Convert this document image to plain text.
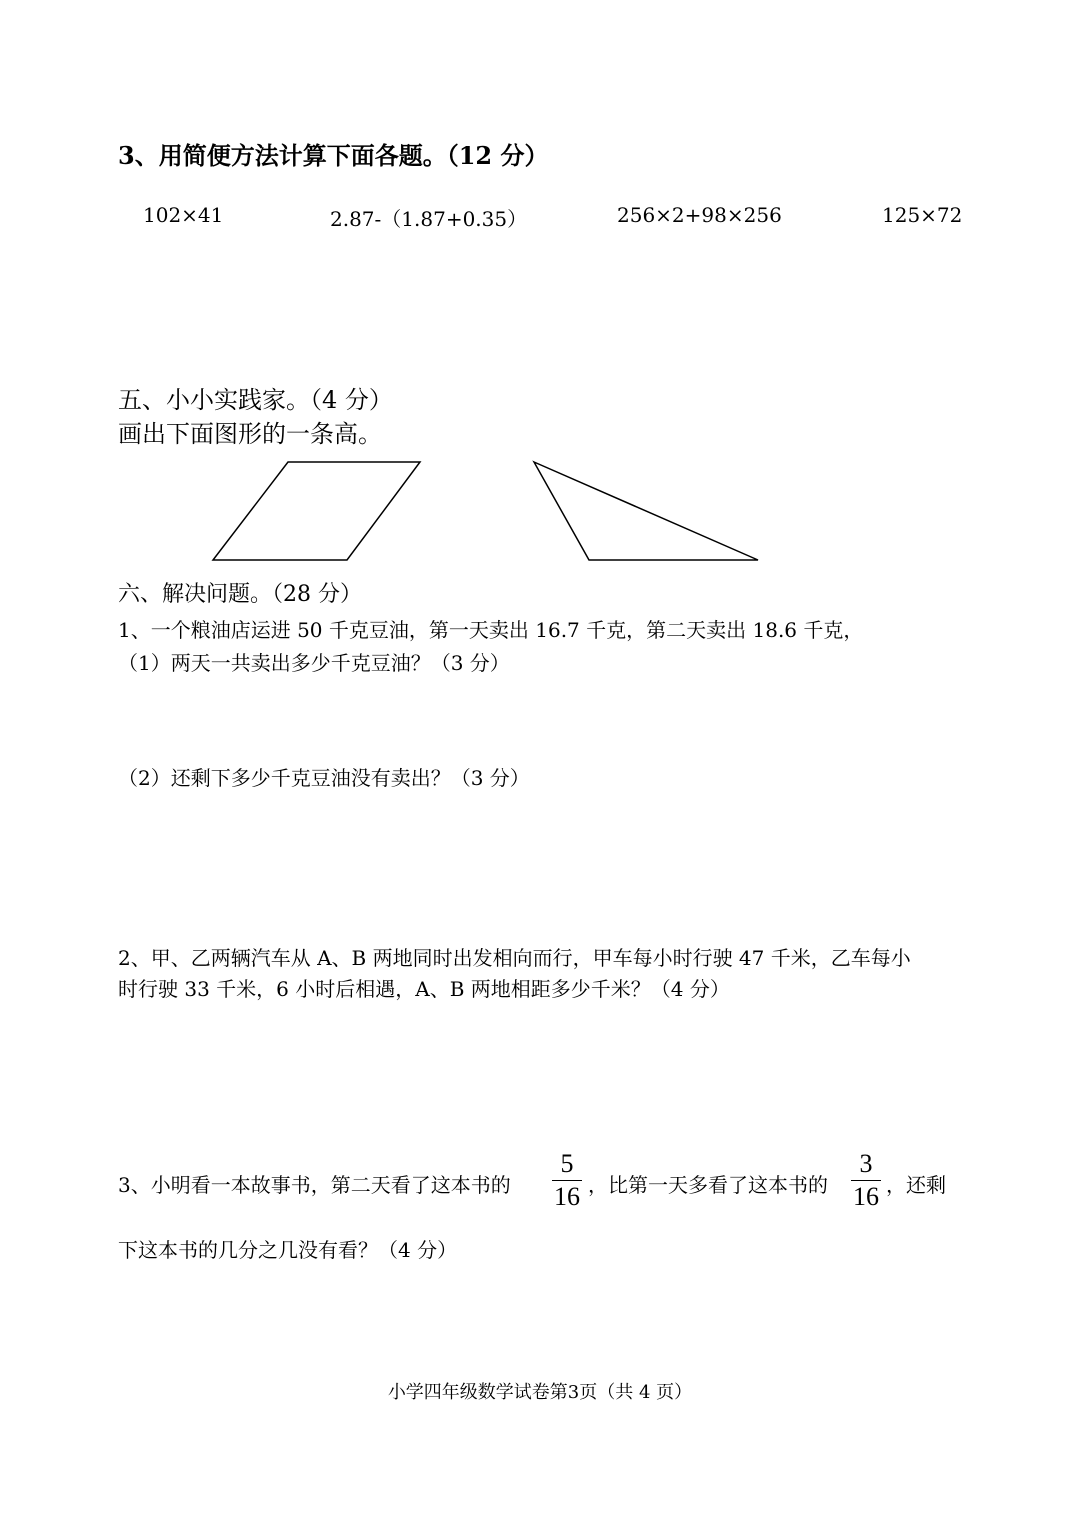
3、用简便方法计算下面各题。（12 分）
102×41	2.87-（1.87+0.35）	256×2+98×256	125×72
五、小小实践家。（4 分）
画出下面图形的一条高。
六、解决问题。（28 分）
1、一个粮油店运进 50 千克豆油，第一天卖出 16.7 千克，第二天卖出 18.6 千克，
（1）两天一共卖出多少千克豆油？（3 分）
（2）还剩下多少千克豆油没有卖出？（3 分）
2、甲、乙两辆汽车从 A、B 两地同时出发相向而行，甲车每小时行驶 47 千米，乙车每小
时行驶 33 千米，6 小时后相遇，A、B 两地相距多少千米？（4 分）
3、小明看一本故事书，第二天看了这本书的
5
16 ，比第一天多看了这本书的
3
16 ，还剩
下这本书的几分之几没有看？（4 分）
小学四年级数学试卷第3页（共 4 页）
